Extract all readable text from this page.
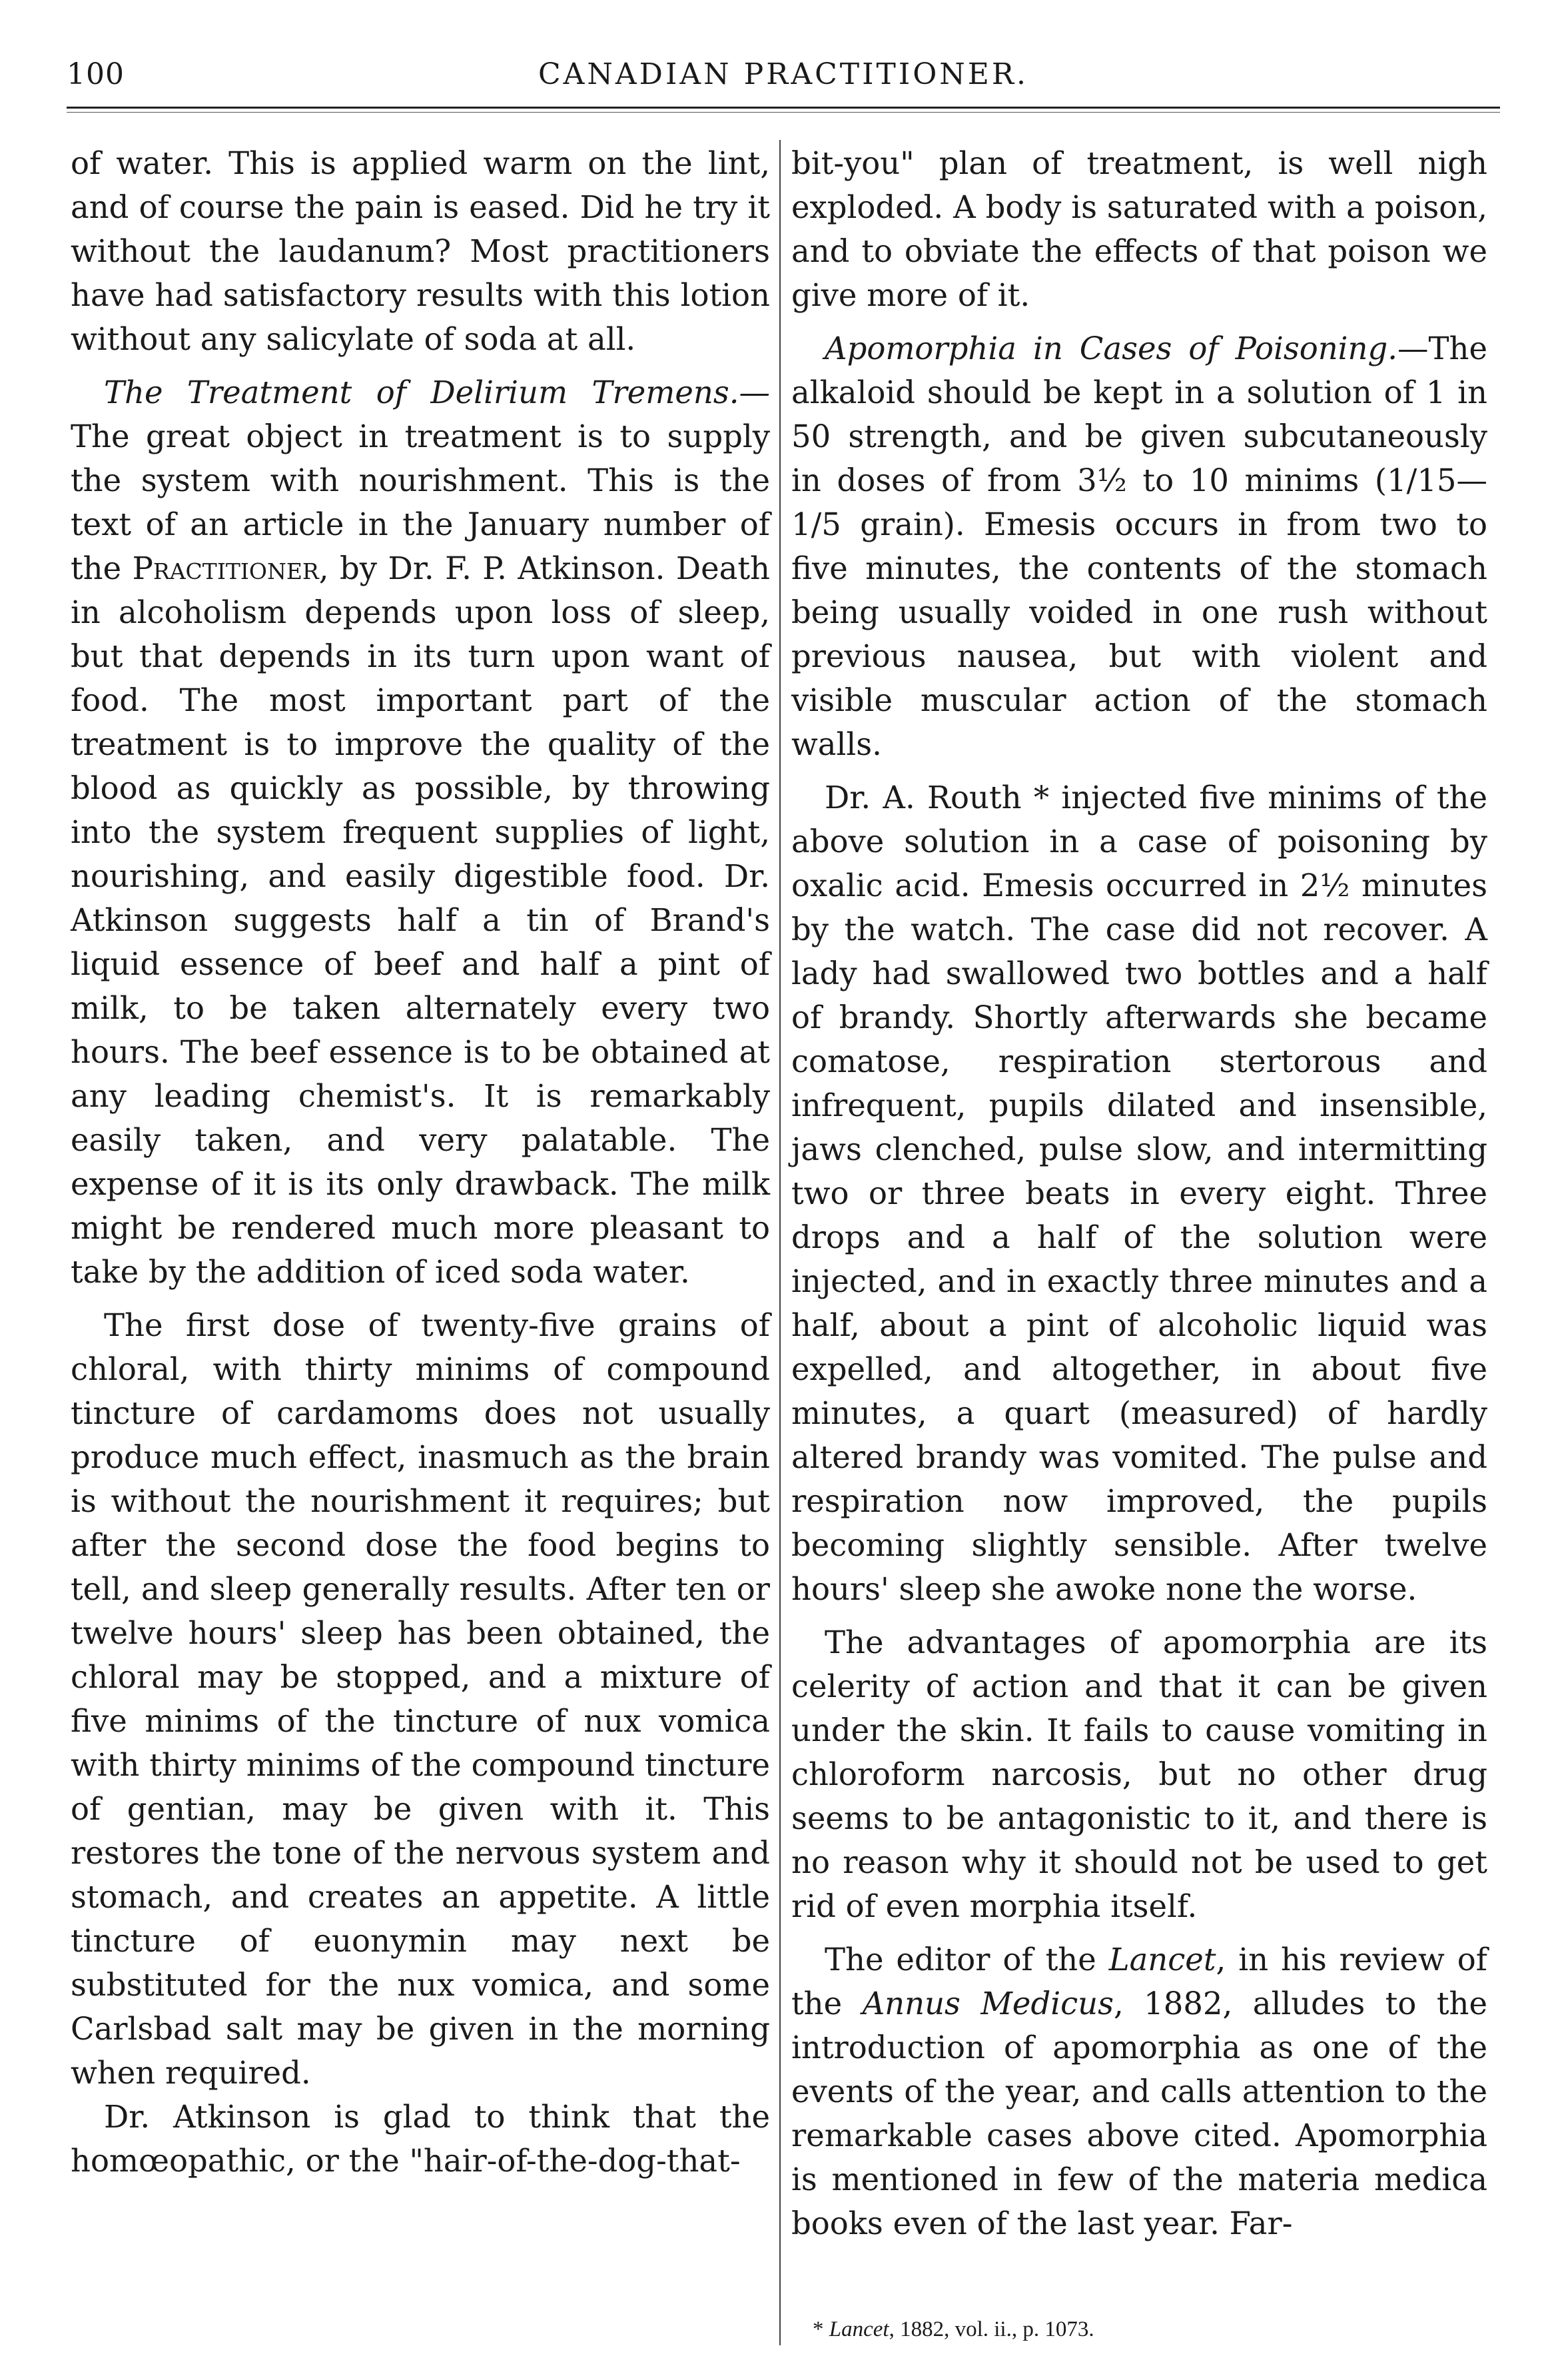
100	CANADIAN PRACTITIONER.

of water. This is applied warm on the lint, and of course the pain is eased. Did he try it without the laudanum? Most practitioners have had satisfactory results with this lotion without any salicylate of soda at all.

The Treatment of Delirium Tremens.— The great object in treatment is to supply the system with nourishment. This is the text of an article in the January number of the Practitioner, by Dr. F. P. Atkinson. Death in alcoholism depends upon loss of sleep, but that depends in its turn upon want of food. The most important part of the treatment is to improve the quality of the blood as quickly as possible, by throwing into the system frequent supplies of light, nourishing, and easily digestible food. Dr. Atkinson suggests half a tin of Brand's liquid essence of beef and half a pint of milk, to be taken alternately every two hours. The beef essence is to be obtained at any leading chemist's. It is remarkably easily taken, and very palatable. The expense of it is its only drawback. The milk might be rendered much more pleasant to take by the addition of iced soda water.

The first dose of twenty-five grains of chloral, with thirty minims of compound tincture of cardamoms does not usually produce much effect, inasmuch as the brain is without the nourishment it requires; but after the second dose the food begins to tell, and sleep generally results. After ten or twelve hours' sleep has been obtained, the chloral may be stopped, and a mixture of five minims of the tincture of nux vomica with thirty minims of the compound tincture of gentian, may be given with it. This restores the tone of the nervous system and stomach, and creates an appetite. A little tincture of euonymin may next be substituted for the nux vomica, and some Carlsbad salt may be given in the morning when required.

Dr. Atkinson is glad to think that the homœopathic, or the "hair-of-the-dog-that-

bit-you" plan of treatment, is well nigh exploded. A body is saturated with a poison, and to obviate the effects of that poison we give more of it.

Apomorphia in Cases of Poisoning.—The alkaloid should be kept in a solution of 1 in 50 strength, and be given subcutaneously in doses of from 3½ to 10 minims (1/15—1/5 grain). Emesis occurs in from two to five minutes, the contents of the stomach being usually voided in one rush without previous nausea, but with violent and visible muscular action of the stomach walls.

Dr. A. Routh * injected five minims of the above solution in a case of poisoning by oxalic acid. Emesis occurred in 2½ minutes by the watch. The case did not recover. A lady had swallowed two bottles and a half of brandy. Shortly afterwards she became comatose, respiration stertorous and infrequent, pupils dilated and insensible, jaws clenched, pulse slow, and intermitting two or three beats in every eight. Three drops and a half of the solution were injected, and in exactly three minutes and a half, about a pint of alcoholic liquid was expelled, and altogether, in about five minutes, a quart (measured) of hardly altered brandy was vomited. The pulse and respiration now improved, the pupils becoming slightly sensible. After twelve hours' sleep she awoke none the worse.

The advantages of apomorphia are its celerity of action and that it can be given under the skin. It fails to cause vomiting in chloroform narcosis, but no other drug seems to be antagonistic to it, and there is no reason why it should not be used to get rid of even morphia itself.

The editor of the Lancet, in his review of the Annus Medicus, 1882, alludes to the introduction of apomorphia as one of the events of the year, and calls attention to the remarkable cases above cited. Apomorphia is mentioned in few of the materia medica books even of the last year. Far-

* Lancet, 1882, vol. ii., p. 1073.
